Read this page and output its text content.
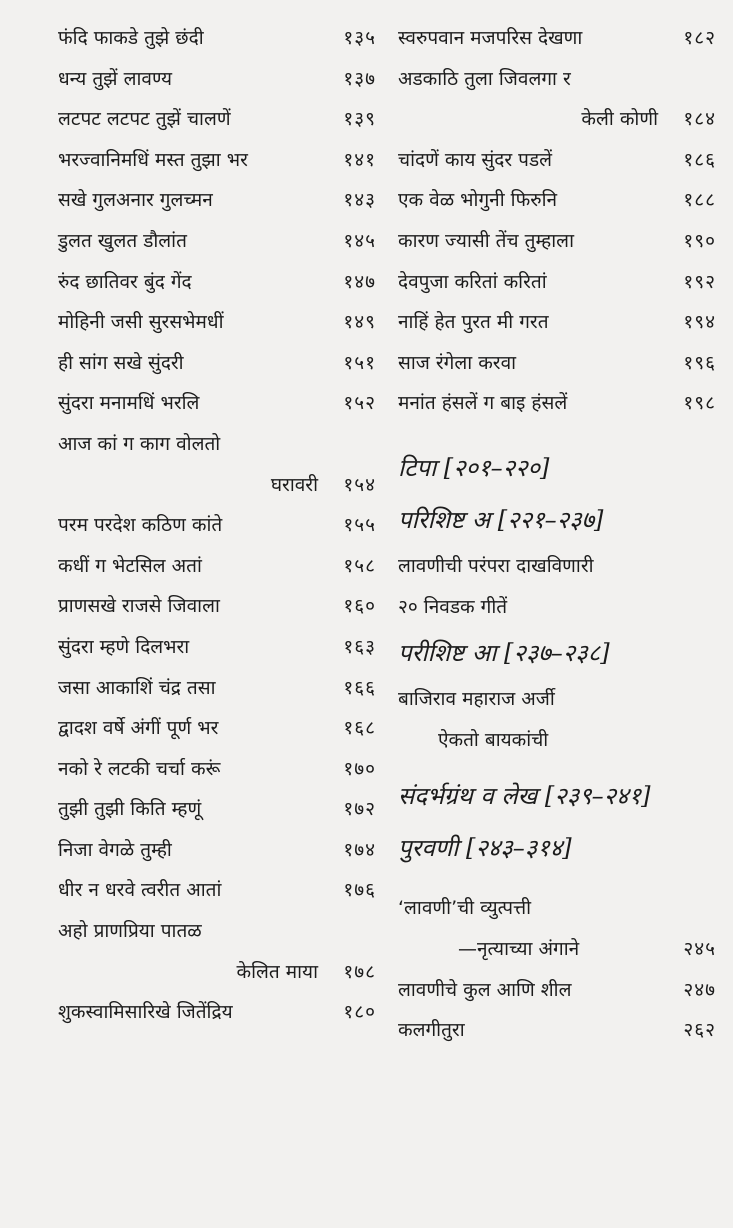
फंदि फाकडे तुझे छंदी	१३५
धन्य तुझें लावण्य	१३७
लटपट लटपट तुझें चालणें	१३९
भरज्वानिमधिं मस्त तुझा भर	१४१
सखे गुलअनार गुलच्मन	१४३
डुलत खुलत डौलांत	१४५
रुंद छातिवर बुंद गेंद	१४७
मोहिनी जसी सुरसभेमधीं	१४९
ही सांग सखे सुंदरी	१५१
सुंदरा मनामधिं भरलि	१५२
आज कां ग काग वोलतो
घरावरी १५४
परम परदेश कठिण कांते	१५५
कधीं ग भेटसिल अतां	१५८
प्राणसखे राजसे जिवाला	१६०
सुंदरा म्हणे दिलभरा	१६३
जसा आकाशिं चंद्र तसा	१६६
द्वादश वर्षे अंगीं पूर्ण भर	१६८
नको रे लटकी चर्चा करूं	१७०
तुझी तुझी किति म्हणूं	१७२
निजा वेगळे तुम्ही	१७४
धीर न धरवे त्वरीत आतां	१७६
अहो प्राणप्रिया पातळ
केलित माया १७८
शुकस्वामिसारिखे जितेंद्रिय	१८०
स्वरुपवान मजपरिस देखणा	१८२
अडकाठि तुला जिवलगा र
केली कोणी १८४
चांदणें काय सुंदर पडलें	१८६
एक वेळ भोगुनी फिरुनि	१८८
कारण ज्यासी तेंच तुम्हाला	१९०
देवपुजा करितां करितां	१९२
नाहिं हेत पुरत मी गरत	१९४
साज रंगेला करवा	१९६
मनांत हंसलें ग बाइ हंसलें	१९८
टिपा [२०१–२२०]
परिशिष्ट अ [२२१–२३७]
लावणीची परंपरा दाखविणारी
२० निवडक गीतें
परीशिष्ट आ [२३७–२३८]
बाजिराव महाराज अर्जी
ऐकतो बायकांची
संदर्भग्रंथ व लेख [२३९–२४१]
पुरवणी [२४३–३१४]
‘लावणी’ची व्युत्पत्ती
—नृत्याच्या अंगाने	२४५
लावणीचे कुल आणि शील	२४७
कलगीतुरा	२६२
